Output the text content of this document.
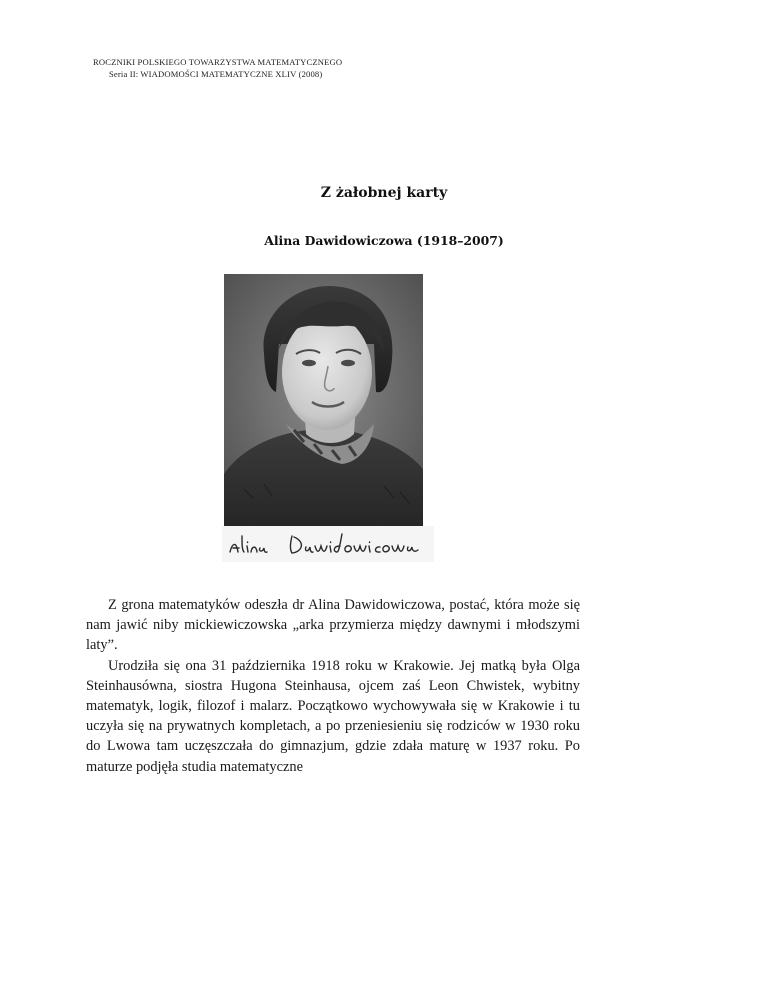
ROCZNIKI POLSKIEGO TOWARZYSTWA MATEMATYCZNEGO
Seria II: WIADOMOŚCI MATEMATYCZNE XLIV (2008)
Z żałobnej karty
Alina Dawidowiczowa (1918–2007)

Z grona matematyków odeszła dr Alina Dawidowiczowa, postać, która może się nam jawić niby mickiewiczowska „arka przymierza między dawnymi i młodszymi laty”.

Urodziła się ona 31 października 1918 roku w Krakowie. Jej matką była Olga Steinhausówna, siostra Hugona Steinhausa, ojcem zaś Leon Chwistek, wybitny matematyk, logik, filozof i malarz. Początkowo wychowywała się w Krakowie i tu uczyła się na prywatnych kompletach, a po przeniesieniu się rodziców w 1930 roku do Lwowa tam uczęszczała do gimnazjum, gdzie zdała maturę w 1937 roku. Po maturze podjęła studia matematyczne
